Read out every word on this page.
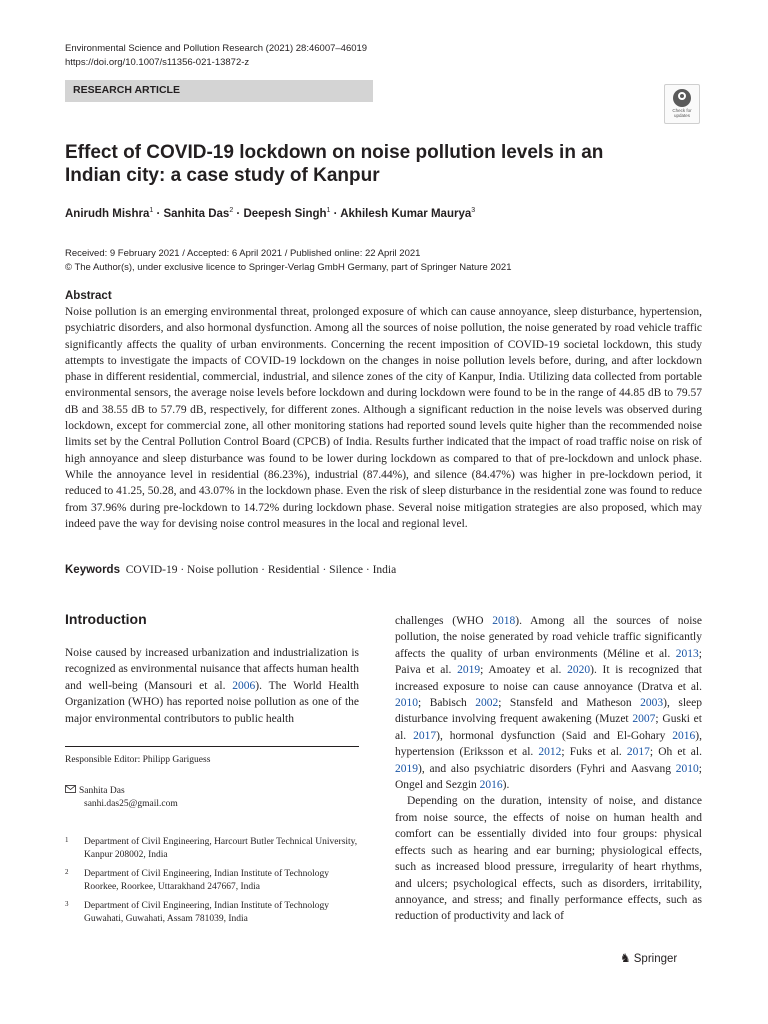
Environmental Science and Pollution Research (2021) 28:46007–46019
https://doi.org/10.1007/s11356-021-13872-z
RESEARCH ARTICLE
Check for updates
Effect of COVID-19 lockdown on noise pollution levels in an Indian city: a case study of Kanpur
Anirudh Mishra$^1$ · Sanhita Das$^2$ · Deepesh Singh$^1$ · Akhilesh Kumar Maurya$^3$
Received: 9 February 2021 / Accepted: 6 April 2021 / Published online: 22 April 2021
© The Author(s), under exclusive licence to Springer-Verlag GmbH Germany, part of Springer Nature 2021
Abstract

Noise pollution is an emerging environmental threat, prolonged exposure of which can cause annoyance, sleep disturbance, hypertension, psychiatric disorders, and also hormonal dysfunction. Among all the sources of noise pollution, the noise generated by road vehicle traffic significantly affects the quality of urban environments. Concerning the recent imposition of COVID-19 societal lockdown, this study attempts to investigate the impacts of COVID-19 lockdown on the changes in noise pollution levels before, during, and after lockdown phase in different residential, commercial, industrial, and silence zones of the city of Kanpur, India. Utilizing data collected from portable environmental sensors, the average noise levels before lockdown and during lockdown were found to be in the range of 44.85 dB to 79.57 dB and 38.55 dB to 57.79 dB, respectively, for different zones. Although a significant reduction in the noise levels was observed during lockdown, except for commercial zone, all other monitoring stations had reported sound levels quite higher than the recommended noise limits set by the Central Pollution Control Board (CPCB) of India. Results further indicated that the impact of road traffic noise on risk of high annoyance and sleep disturbance was found to be lower during lockdown as compared to that of pre-lockdown and unlock phase. While the annoyance level in residential (86.23%), industrial (87.44%), and silence (84.47%) was higher in pre-lockdown period, it reduced to 41.25, 50.28, and 43.07% in the lockdown phase. Even the risk of sleep disturbance in the residential zone was found to reduce from 37.96% during pre-lockdown to 14.72% during lockdown phase. Several noise mitigation strategies are also proposed, which may indeed pave the way for devising noise control measures in the local and regional level.

Keywords COVID-19 · Noise pollution · Residential · Silence · India
Introduction

Noise caused by increased urbanization and industrialization is recognized as environmental nuisance that affects human health and well-being (Mansouri et al. 2006). The World Health Organization (WHO) has reported noise pollution as one of the major environmental contributors to public health

challenges (WHO 2018). Among all the sources of noise pollution, the noise generated by road vehicle traffic significantly affects the quality of urban environments (Méline et al. 2013; Paiva et al. 2019; Amoatey et al. 2020). It is recognized that increased exposure to noise can cause annoyance (Dratva et al. 2010; Babisch 2002; Stansfeld and Matheson 2003), sleep disturbance involving frequent awakening (Muzet 2007; Guski et al. 2017), hormonal dysfunction (Said and El-Gohary 2016), hypertension (Eriksson et al. 2012; Fuks et al. 2017; Oh et al. 2019), and also psychiatric disorders (Fyhri and Aasvang 2010; Ongel and Sezgin 2016).

Depending on the duration, intensity of noise, and distance from noise source, the effects of noise on human health and comfort can be essentially divided into four groups: physical effects such as hearing and ear burning; physiological effects, such as increased blood pressure, irregularity of heart rhythms, and ulcers; psychological effects, such as disorders, irritability, annoyance, and stress; and finally performance effects, such as reduction of productivity and lack of

Responsible Editor: Philipp Gariguess
Sanhita Das
sanhi.das25@gmail.com
1 Department of Civil Engineering, Harcourt Butler Technical University, Kanpur 208002, India
2 Department of Civil Engineering, Indian Institute of Technology Roorkee, Roorkee, Uttarakhand 247667, India
3 Department of Civil Engineering, Indian Institute of Technology Guwahati, Guwahati, Assam 781039, India
♞ Springer
